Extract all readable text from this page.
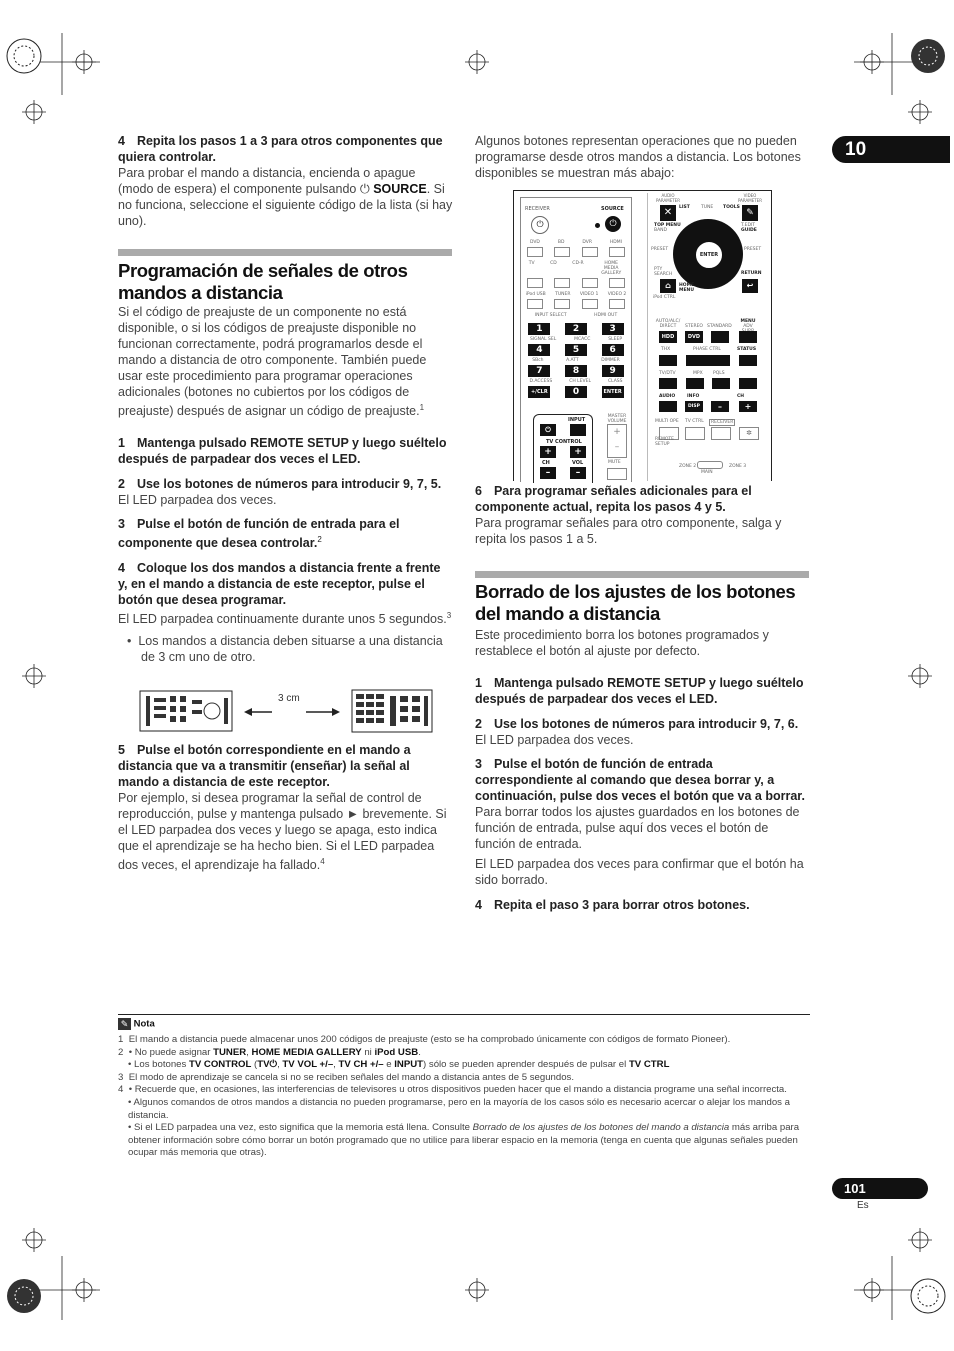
10

4 Repita los pasos 1 a 3 para otros componentes que quiera controlar.

Para probar el mando a distancia, encienda o apague (modo de espera) el componente pulsando ⏻ SOURCE. Si no funciona, seleccione el siguiente código de la lista (si hay uno).

Programación de señales de otros mandos a distancia

Si el código de preajuste de un componente no está disponible, o si los códigos de preajuste disponible no funcionan correctamente, podrá programarlos desde el mando a distancia de otro componente. También puede usar este procedimiento para programar operaciones adicionales (botones no cubiertos por los códigos de preajuste) después de asignar un código de preajuste.$^1$

1 Mantenga pulsado REMOTE SETUP y luego suéltelo después de parpadear dos veces el LED.

2 Use los botones de números para introducir 9, 7, 5.

El LED parpadea dos veces.

3 Pulse el botón de función de entrada para el componente que desea controlar.$^2$

4 Coloque los dos mandos a distancia frente a frente y, en el mando a distancia de este receptor, pulse el botón que desea programar.

El LED parpadea continuamente durante unos 5 segundos.$^3$

•  Los mandos a distancia deben situarse a una distancia de 3 cm uno de otro.

3 cm

5 Pulse el botón correspondiente en el mando a distancia que va a transmitir (enseñar) la señal al mando a distancia de este receptor.

Por ejemplo, si desea programar la señal de control de reproducción, pulse y mantenga pulsado ► brevemente. Si el LED parpadea dos veces y luego se apaga, esto indica que el aprendizaje se ha hecho bien. Si el LED parpadea dos veces, el aprendizaje ha fallado.$^4$

Algunos botones representan operaciones que no pueden programarse desde otros mandos a distancia. Los botones disponibles se muestran más abajo:

RECEIVER	SOURCE
⏻	⏻
DVD	BD	DVR	HDMI
TV	CD	CD-R	HOME MEDIA GALLERY
iPod USB TUNER VIDEO 1 VIDEO 2
INPUT SELECT	HDMI OUT
1	2	3
SIGNAL SEL	MCACC	SLEEP
4	5	6
SBch	A.ATT	DIMMER
7	8	9
D.ACCESS	CH LEVEL	CLASS
+/CLR	0	ENTER
INPUT
⏻
TV CONTROL
+	+
CH	VOL
–	–
MASTER VOLUME
+
–
MUTE
AUDIO PARAMETER
VIDEO PARAMETER
✕	✎
LIST TUNE TOOLS
TOP MENU
BAND
T.EDIT
GUIDE
PRESET	PRESET
ENTER
PTY SEARCH	RETURN
⌂	HOME MENU
↩
iPod CTRL
AUTO/ALC/ DIRECT	STEREO STANDARD
MENU
ADV
HDD	DVD
THX	PHASE CTRL	STATUS
TV/DTV	MPX PQLS
AUDIO	INFO	CH
DISP	–	+
MULTI OPE TV CTRL	RECEIVER
✲
REMOTE SETUP
ZONE 2	ZONE 3
MAIN

6 Para programar señales adicionales para el componente actual, repita los pasos 4 y 5.

Para programar señales para otro componente, salga y repita los pasos 1 a 5.

Borrado de los ajustes de los botones del mando a distancia

Este procedimiento borra los botones programados y restablece el botón al ajuste por defecto.

1 Mantenga pulsado REMOTE SETUP y luego suéltelo después de parpadear dos veces el LED.

2 Use los botones de números para introducir 9, 7, 6.

El LED parpadea dos veces.

3 Pulse el botón de función de entrada correspondiente al comando que desea borrar y, a continuación, pulse dos veces el botón que va a borrar.

Para borrar todos los ajustes guardados en los botones de función de entrada, pulse aquí dos veces el botón de función de entrada.

El LED parpadea dos veces para confirmar que el botón ha sido borrado.

4 Repita el paso 3 para borrar otros botones.

✎ Nota

1 El mando a distancia puede almacenar unos 200 códigos de preajuste (esto se ha comprobado únicamente con códigos de formato Pioneer).

2 • No puede asignar TUNER, HOME MEDIA GALLERY ni iPod USB.

• Los botones TV CONTROL (TV⏻, TV VOL +/–, TV CH +/– e INPUT) sólo se pueden aprender después de pulsar el TV CTRL

3 El modo de aprendizaje se cancela si no se reciben señales del mando a distancia antes de 5 segundos.

4 • Recuerde que, en ocasiones, las interferencias de televisores u otros dispositivos pueden hacer que el mando a distancia programe una señal incorrecta.

• Algunos comandos de otros mandos a distancia no pueden programarse, pero en la mayoría de los casos sólo es necesario acercar o alejar los mandos a distancia.

• Si el LED parpadea una vez, esto significa que la memoria está llena. Consulte Borrado de los ajustes de los botones del mando a distancia más arriba para obtener información sobre cómo borrar un botón programado que no utilice para liberar espacio en la memoria (tenga en cuenta que algunas señales pueden ocupar más memoria que otras).

101
Es
